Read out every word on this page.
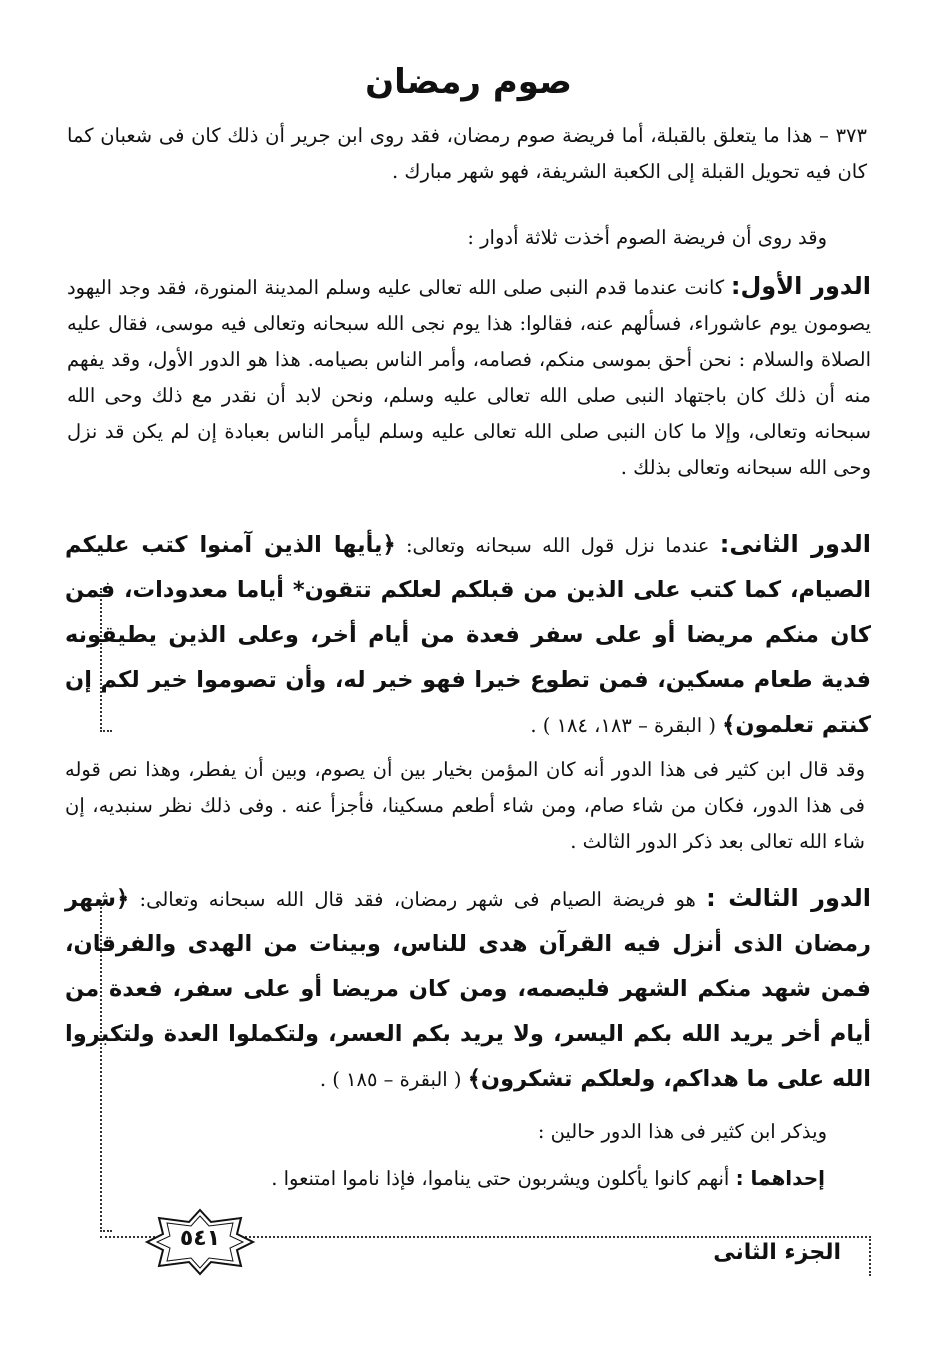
صوم رمضان
٣٧٣ – هذا ما يتعلق بالقبلة، أما فريضة صوم رمضان، فقد روى ابن جرير أن ذلك كان فى شعبان كما كان فيه تحويل القبلة إلى الكعبة الشريفة، فهو شهر مبارك .
وقد روى أن فريضة الصوم أخذت ثلاثة أدوار :
الدور الأول: كانت عندما قدم النبى صلى الله تعالى عليه وسلم المدينة المنورة، فقد وجد اليهود يصومون يوم عاشوراء، فسألهم عنه، فقالوا: هذا يوم نجى الله سبحانه وتعالى فيه موسى، فقال عليه الصلاة والسلام : نحن أحق بموسى منكم، فصامه، وأمر الناس بصيامه. هذا هو الدور الأول، وقد يفهم منه أن ذلك كان باجتهاد النبى صلى الله تعالى عليه وسلم، ونحن لابد أن نقدر مع ذلك وحى الله سبحانه وتعالى، وإلا ما كان النبى صلى الله تعالى عليه وسلم ليأمر الناس بعبادة إن لم يكن قد نزل وحى الله سبحانه وتعالى بذلك .
الدور الثانى: عندما نزل قول الله سبحانه وتعالى: ﴿يأيها الذين آمنوا كتب عليكم الصيام، كما كتب على الذين من قبلكم لعلكم تتقون* أياما معدودات، فمن كان منكم مريضا أو على سفر فعدة من أيام أخر، وعلى الذين يطيقونه فدية طعام مسكين، فمن تطوع خيرا فهو خير له، وأن تصوموا خير لكم إن كنتم تعلمون﴾ ( البقرة – ١٨٣، ١٨٤ ) .
وقد قال ابن كثير فى هذا الدور أنه كان المؤمن بخيار بين أن يصوم، وبين أن يفطر، وهذا نص قوله فى هذا الدور، فكان من شاء صام، ومن شاء أطعم مسكينا، فأجزأ عنه . وفى ذلك نظر سنبديه، إن شاء الله تعالى بعد ذكر الدور الثالث .
الدور الثالث : هو فريضة الصيام فى شهر رمضان، فقد قال الله سبحانه وتعالى: ﴿شهر رمضان الذى أنزل فيه القرآن هدى للناس، وبينات من الهدى والفرقان، فمن شهد منكم الشهر فليصمه، ومن كان مريضا أو على سفر، فعدة من أيام أخر يريد الله بكم اليسر، ولا يريد بكم العسر، ولتكملوا العدة ولتكبروا الله على ما هداكم، ولعلكم تشكرون﴾ ( البقرة – ١٨٥ ) .
ويذكر ابن كثير فى هذا الدور حالين :
إحداهما : أنهم كانوا يأكلون ويشربون حتى يناموا، فإذا ناموا امتنعوا .
الجزء الثانى
٥٤١
